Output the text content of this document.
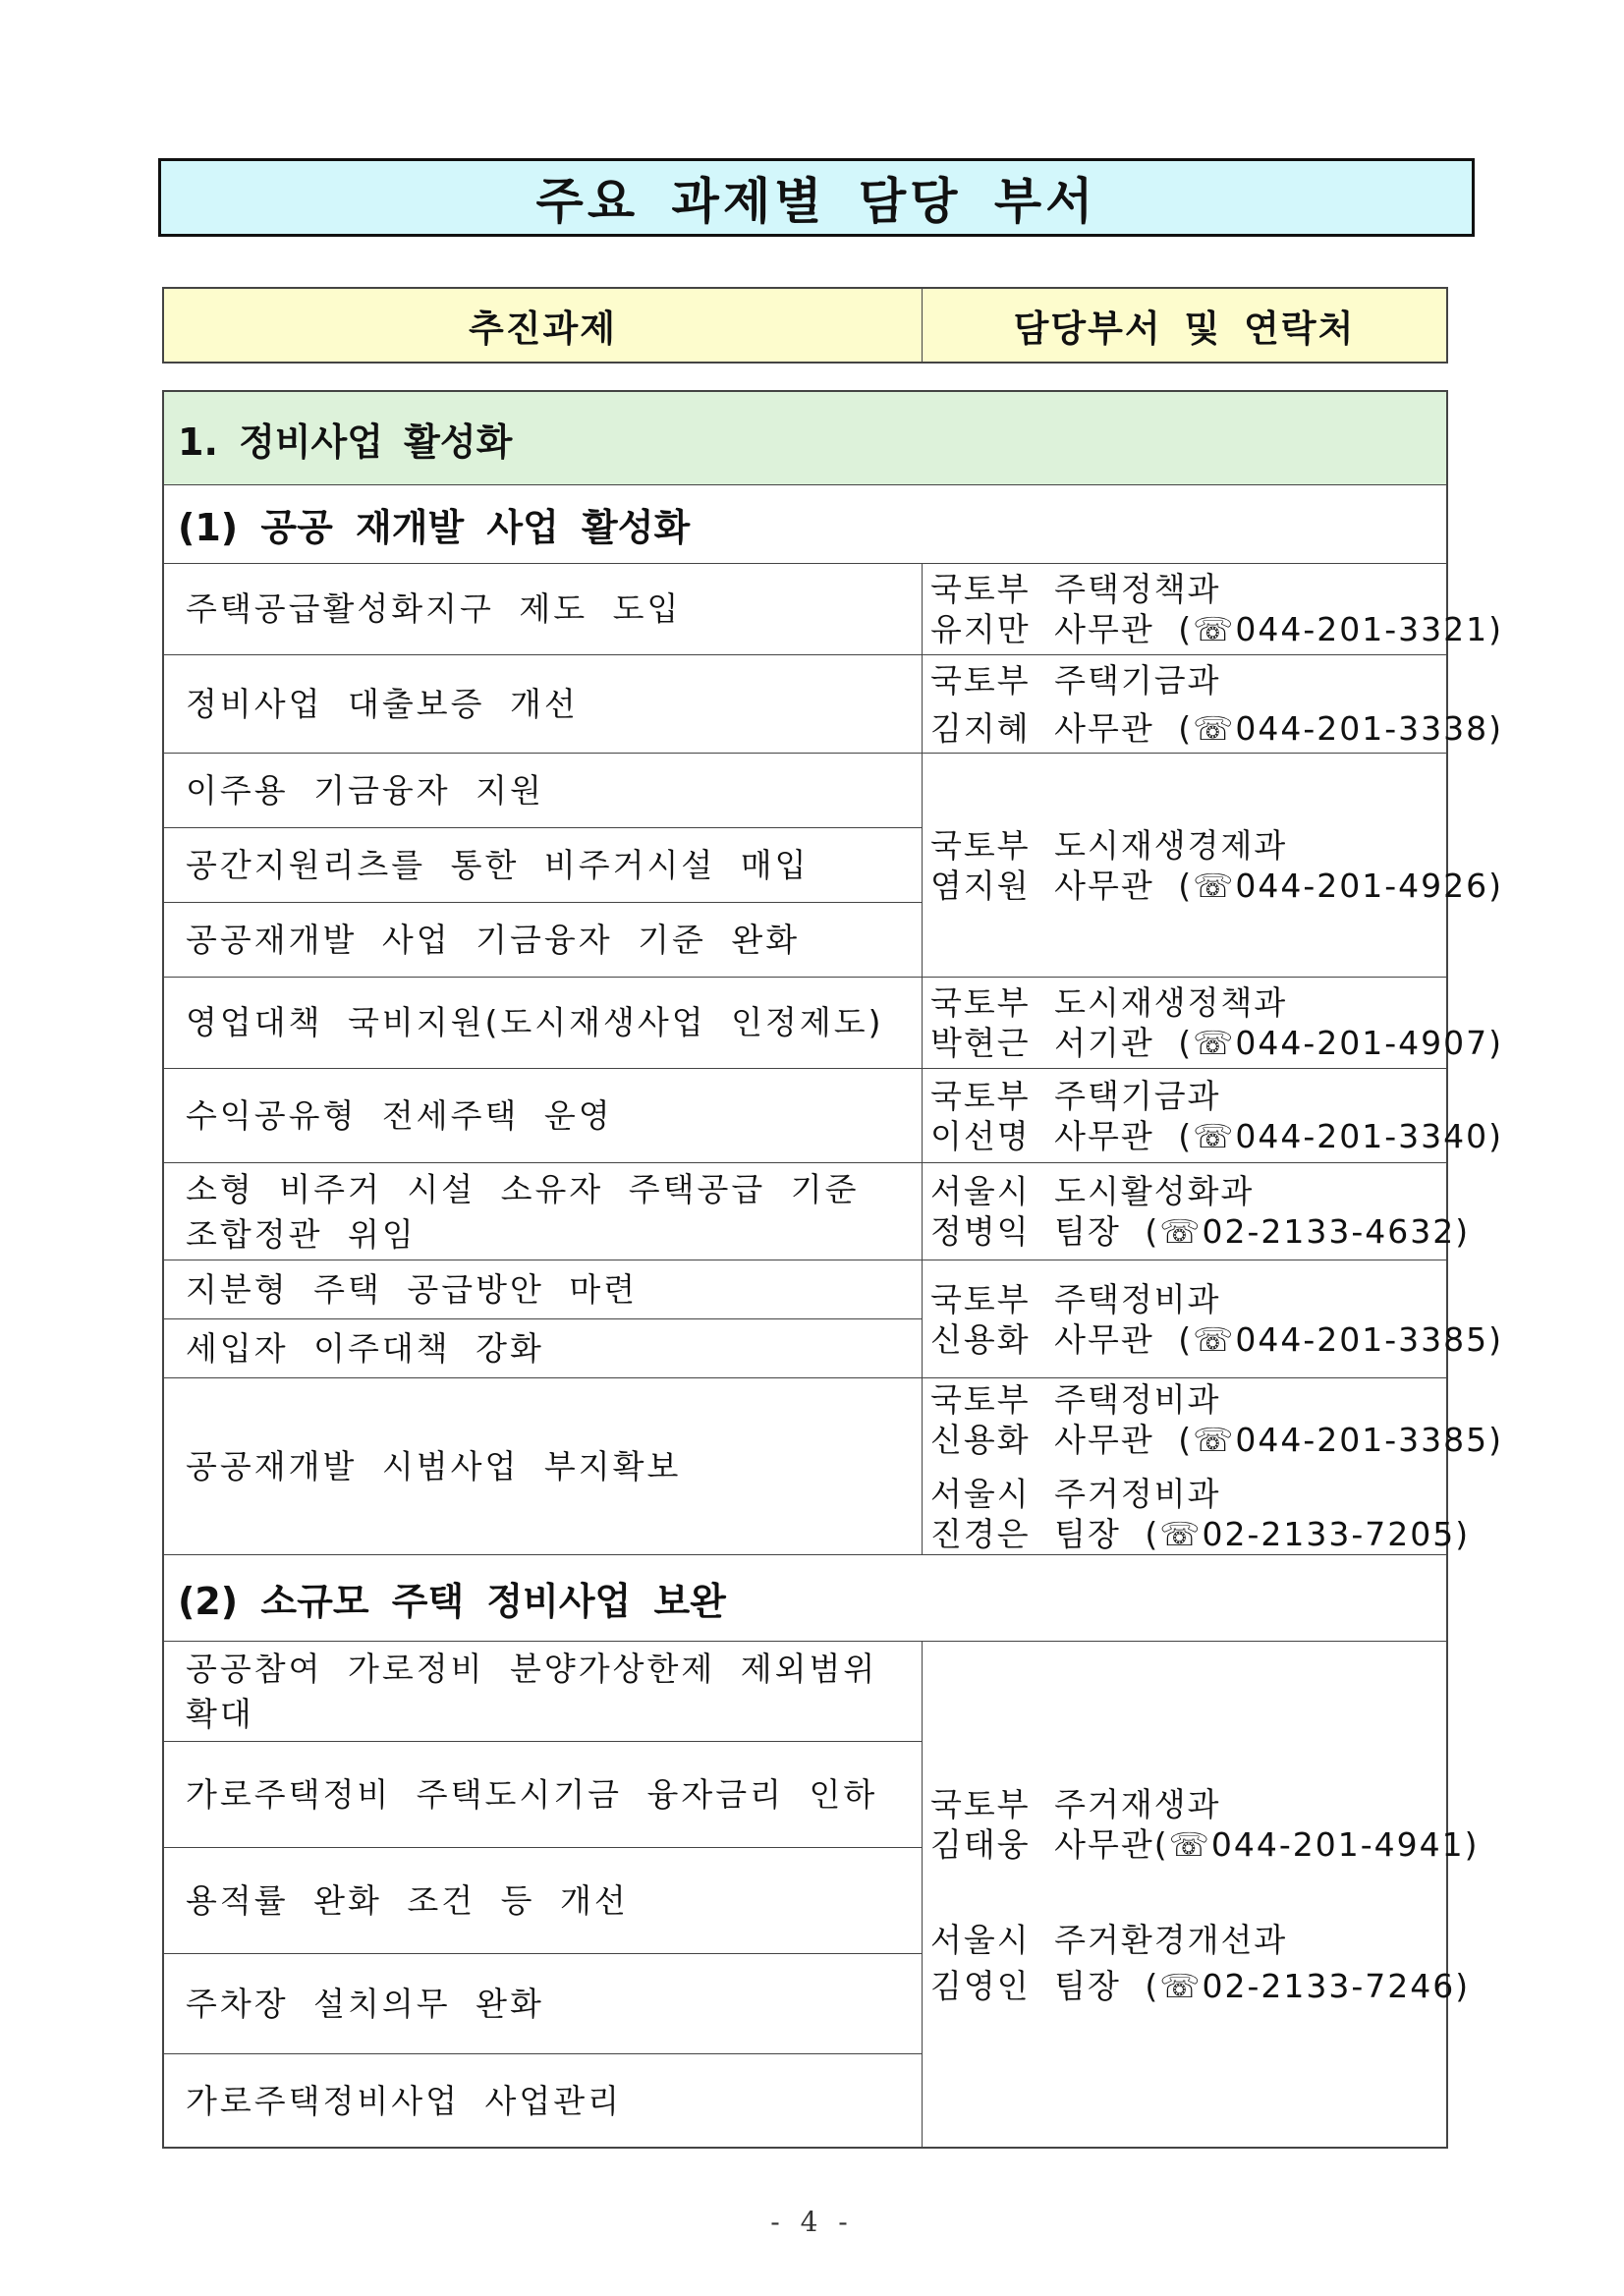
주요 과제별 담당 부서
추진과제	담당부서 및 연락처
1. 정비사업 활성화
(1) 공공 재개발 사업 활성화
주택공급활성화지구 제도 도입
정비사업 대출보증 개선
이주용 기금융자 지원
공간지원리츠를 통한 비주거시설 매입
공공재개발 사업 기금융자 기준 완화
영업대책 국비지원(도시재생사업 인정제도)
수익공유형 전세주택 운영
소형 비주거 시설 소유자 주택공급 기준
조합정관 위임
지분형 주택 공급방안 마련
세입자 이주대책 강화
공공재개발 시범사업 부지확보
국토부 주택정책과
유지만 사무관 (☏044-201-3321)
국토부 주택기금과
김지혜 사무관 (☏044-201-3338)
국토부 도시재생경제과
염지원 사무관 (☏044-201-4926)
국토부 도시재생정책과
박현근 서기관 (☏044-201-4907)
국토부 주택기금과
이선명 사무관 (☏044-201-3340)
서울시 도시활성화과
정병익 팀장 (☏02-2133-4632)
국토부 주택정비과
신용화 사무관 (☏044-201-3385)
국토부 주택정비과
신용화 사무관 (☏044-201-3385)
서울시 주거정비과
진경은 팀장 (☏02-2133-7205)
(2) 소규모 주택 정비사업 보완
공공참여 가로정비 분양가상한제 제외범위 확대
가로주택정비 주택도시기금 융자금리 인하
용적률 완화 조건 등 개선
주차장 설치의무 완화
가로주택정비사업 사업관리
국토부 주거재생과
김태웅 사무관(☏044-201-4941)
서울시 주거환경개선과
김영인 팀장 (☏02-2133-7246)
- 4 -
